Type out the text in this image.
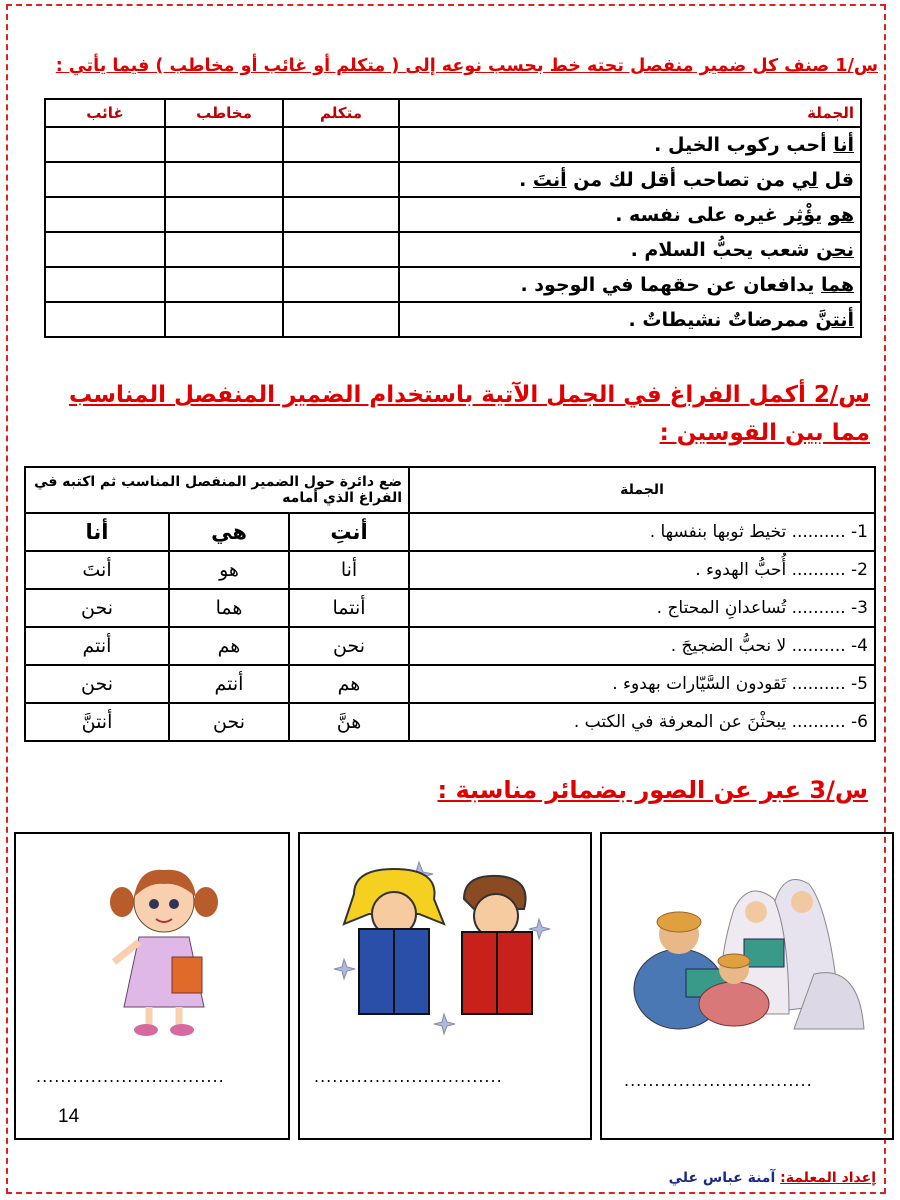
س/1 صنف كل ضمير منفصل تحته خط بحسب نوعه إلى ( متكلم أو غائب أو مخاطب ) فيما يأتي :
الجملة	متكلم	مخاطب	غائب
أنا أحب ركوب الخيل .			
قل لي من تصاحب أقل لك من أنتَ .			
هو يؤْثِر غيره على نفسه .			
نحن شعب يحبُّ السلام .			
هما يدافعان عن حقهما في الوجود .			
أنتنَّ ممرضاتٌ نشيطاتٌ .			
س/2 أكمل الفراغ في الجمل الآتية باستخدام الضمير المنفصل المناسب مما بين القوسين :
الجملة	ضع دائرة حول الضمير المنفصل المناسب ثم اكتبه في الفراغ الذي أمامه		
1- .......... تخيط ثوبها بنفسها .	أنتِ	هي	أنا
2- .......... أُحبُّ الهدوء .	أنا	هو	أنتَ
3- .......... تُساعدانِ المحتاج .	أنتما	هما	نحن
4- .......... لا نحبُّ الضجيجَ .	نحن	هم	أنتم
5- .......... تَقودون السَّيّارات بهدوء .	هم	أنتم	نحن
6- .......... يبحثْنَ عن المعرفة في الكتب .	هنَّ	نحن	أنتنَّ
س/3 عبر عن الصور بضمائر مناسبة :
...............................
...............................
...............................
14
إعداد المعلمة: آمنة عباس علي
